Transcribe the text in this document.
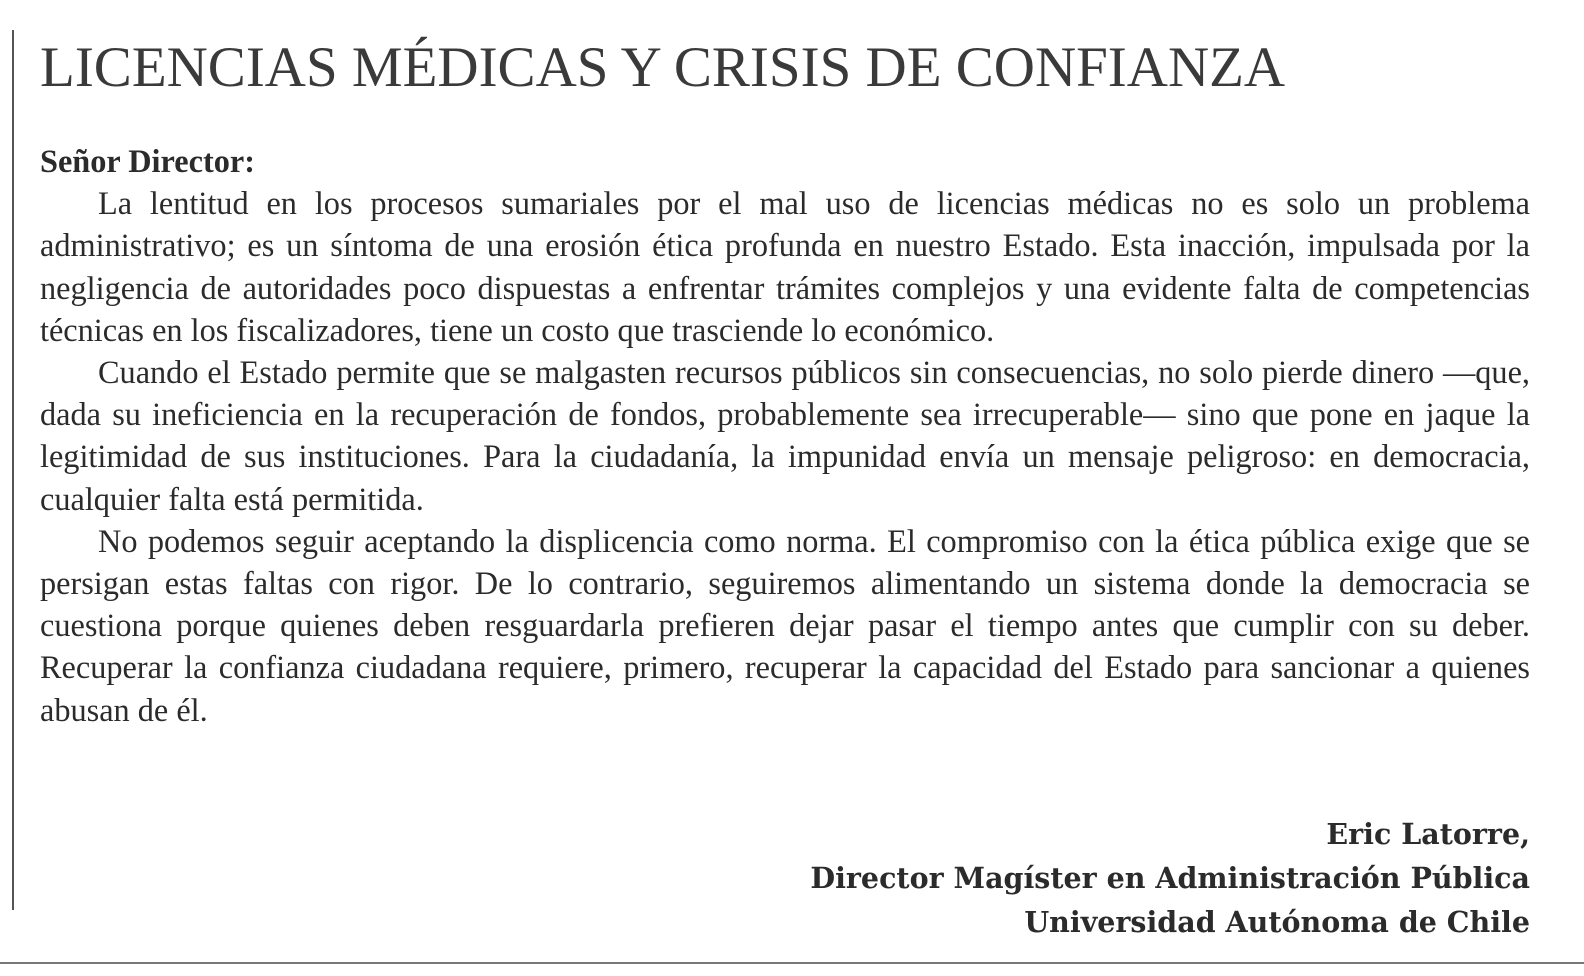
LICENCIAS MÉDICAS Y CRISIS DE CONFIANZA

Señor Director:

La lentitud en los procesos sumariales por el mal uso de licencias médicas no es solo un problema administrativo; es un síntoma de una erosión ética profunda en nuestro Estado. Esta inacción, impulsada por la negligencia de autoridades poco dispuestas a enfrentar trámites complejos y una evidente falta de competencias técnicas en los fiscalizadores, tiene un costo que trasciende lo económico.

Cuando el Estado permite que se malgasten recursos públicos sin consecuencias, no solo pierde dinero —que, dada su ineficiencia en la recuperación de fondos, probablemente sea irrecuperable— sino que pone en jaque la legitimidad de sus instituciones. Para la ciudadanía, la impunidad envía un mensaje peligroso: en democracia, cualquier falta está permitida.

No podemos seguir aceptando la displicencia como norma. El compromiso con la ética pública exige que se persigan estas faltas con rigor. De lo contrario, seguiremos alimentando un sistema donde la democracia se cuestiona porque quienes deben resguardarla prefieren dejar pasar el tiempo antes que cumplir con su deber. Recuperar la confianza ciudadana requiere, primero, recuperar la capacidad del Estado para sancionar a quienes abusan de él.

Eric Latorre,
Director Magíster en Administración Pública
Universidad Autónoma de Chile
